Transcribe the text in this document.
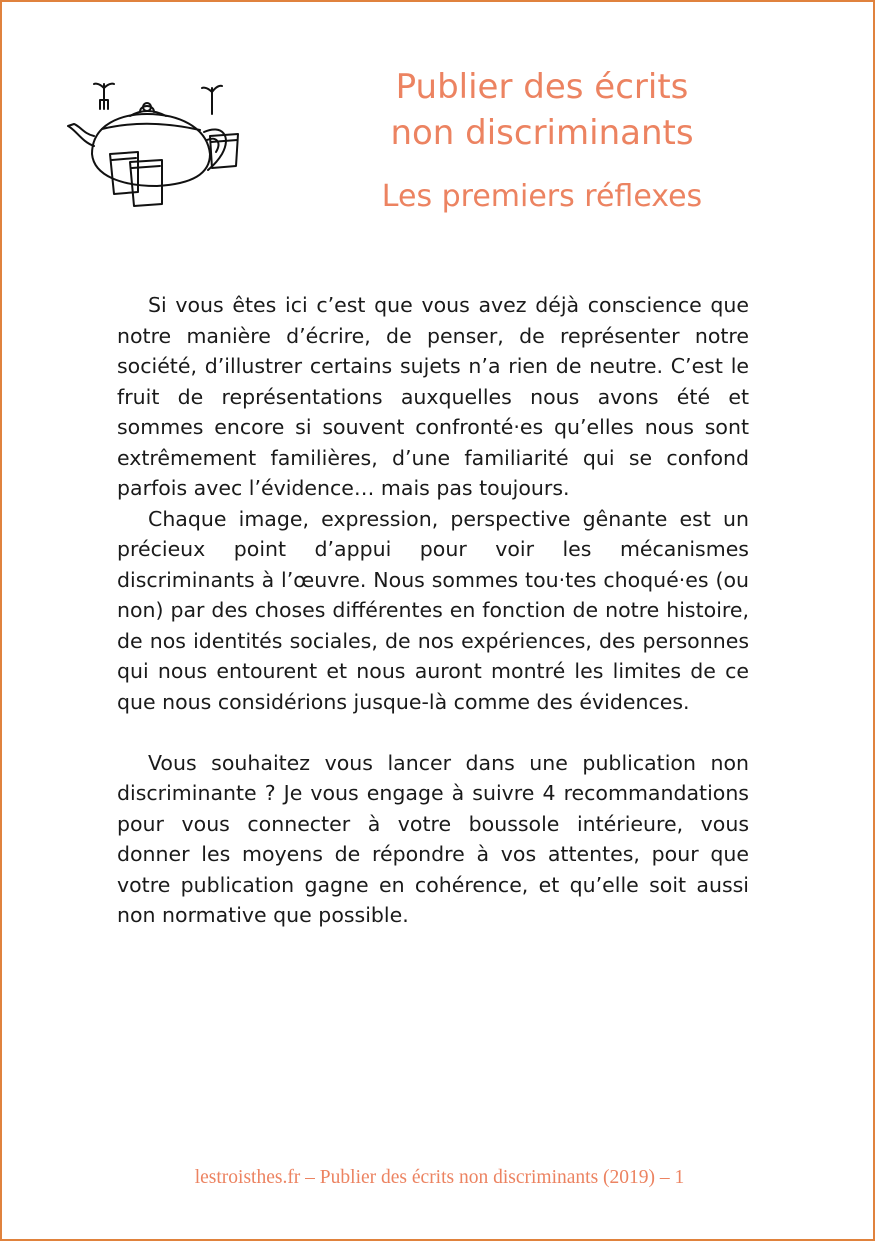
Publier des écrits
non discriminants
Les premiers réflexes

Si vous êtes ici c’est que vous avez déjà conscience que notre manière d’écrire, de penser, de représenter notre société, d’illustrer certains sujets n’a rien de neutre. C’est le fruit de représentations auxquelles nous avons été et sommes encore si souvent confronté·es qu’elles nous sont extrêmement familières, d’une familiarité qui se confond parfois avec l’évidence… mais pas toujours.

Chaque image, expression, perspective gênante est un précieux point d’appui pour voir les mécanismes discriminants à l’œuvre. Nous sommes tou·tes choqué·es (ou non) par des choses différentes en fonction de notre histoire, de nos identités sociales, de nos expériences, des personnes qui nous entourent et nous auront montré les limites de ce que nous considérions jusque-là comme des évidences.

Vous souhaitez vous lancer dans une publication non discriminante ? Je vous engage à suivre 4 recommandations pour vous connecter à votre boussole intérieure, vous donner les moyens de répondre à vos attentes, pour que votre publication gagne en cohérence, et qu’elle soit aussi non normative que possible.

lestroisthes.fr – Publier des écrits non discriminants (2019) – 1
